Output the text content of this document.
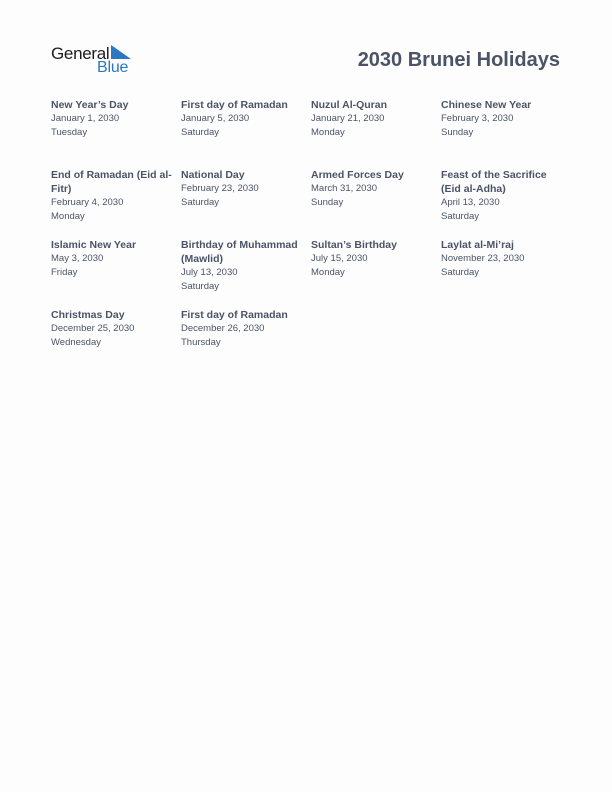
General
Blue	2030 Brunei Holidays
New Year’s Day
January 1, 2030
Tuesday
First day of Ramadan
January 5, 2030
Saturday
Nuzul Al-Quran
January 21, 2030
Monday
Chinese New Year
February 3, 2030
Sunday
End of Ramadan (Eid al-Fitr)
February 4, 2030
Monday
National Day
February 23, 2030
Saturday
Armed Forces Day
March 31, 2030
Sunday
Feast of the Sacrifice (Eid al-Adha)
April 13, 2030
Saturday
Islamic New Year
May 3, 2030
Friday
Birthday of Muhammad (Mawlid)
July 13, 2030
Saturday
Sultan’s Birthday
July 15, 2030
Monday
Laylat al-Mi’raj
November 23, 2030
Saturday
Christmas Day
December 25, 2030
Wednesday
First day of Ramadan
December 26, 2030
Thursday
